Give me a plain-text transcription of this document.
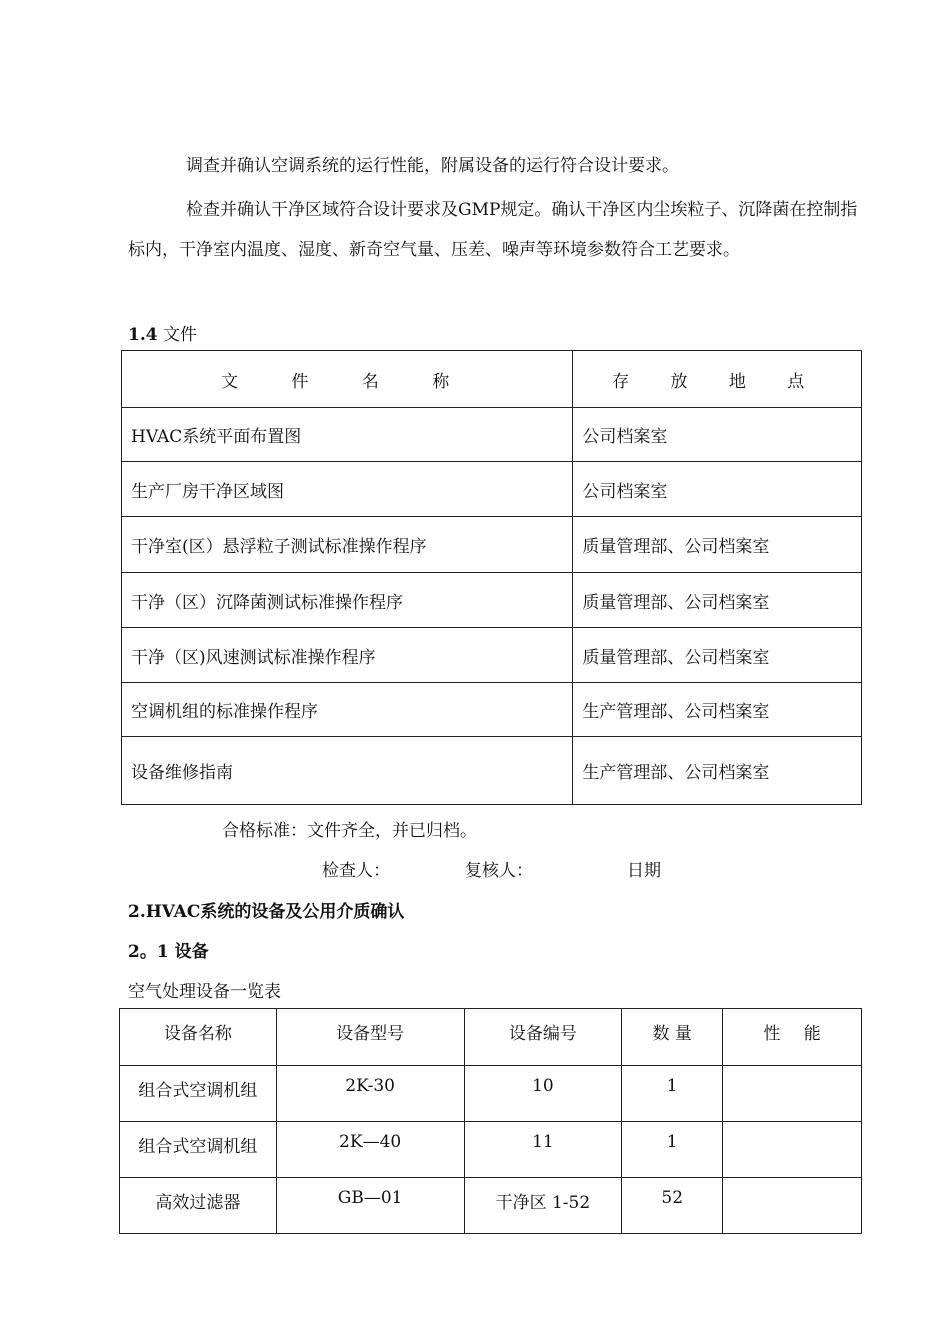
调查并确认空调系统的运行性能，附属设备的运行符合设计要求。
检查并确认干净区域符合设计要求及GMP规定。确认干净区内尘埃粒子、沉降菌在控制指标内，干净室内温度、湿度、新奇空气量、压差、噪声等环境参数符合工艺要求。
1.4 文件
文 件 名 称	存 放 地 点
HVAC系统平面布置图	公司档案室
生产厂房干净区域图	公司档案室
干净室(区）悬浮粒子测试标准操作程序	质量管理部、公司档案室
干净（区）沉降菌测试标准操作程序	质量管理部、公司档案室
干净（区)风速测试标准操作程序	质量管理部、公司档案室
空调机组的标准操作程序	生产管理部、公司档案室
设备维修指南	生产管理部、公司档案室
合格标准：文件齐全，并已归档。
检查人：	复核人：	日期
2.HVAC系统的设备及公用介质确认
2。1 设备
空气处理设备一览表
设备名称	设备型号	设备编号	数 量	性 能
组合式空调机组	2K-30	10	1	
组合式空调机组	2K—40	11	1	
高效过滤器	GB—01	干净区 1-52	52	
